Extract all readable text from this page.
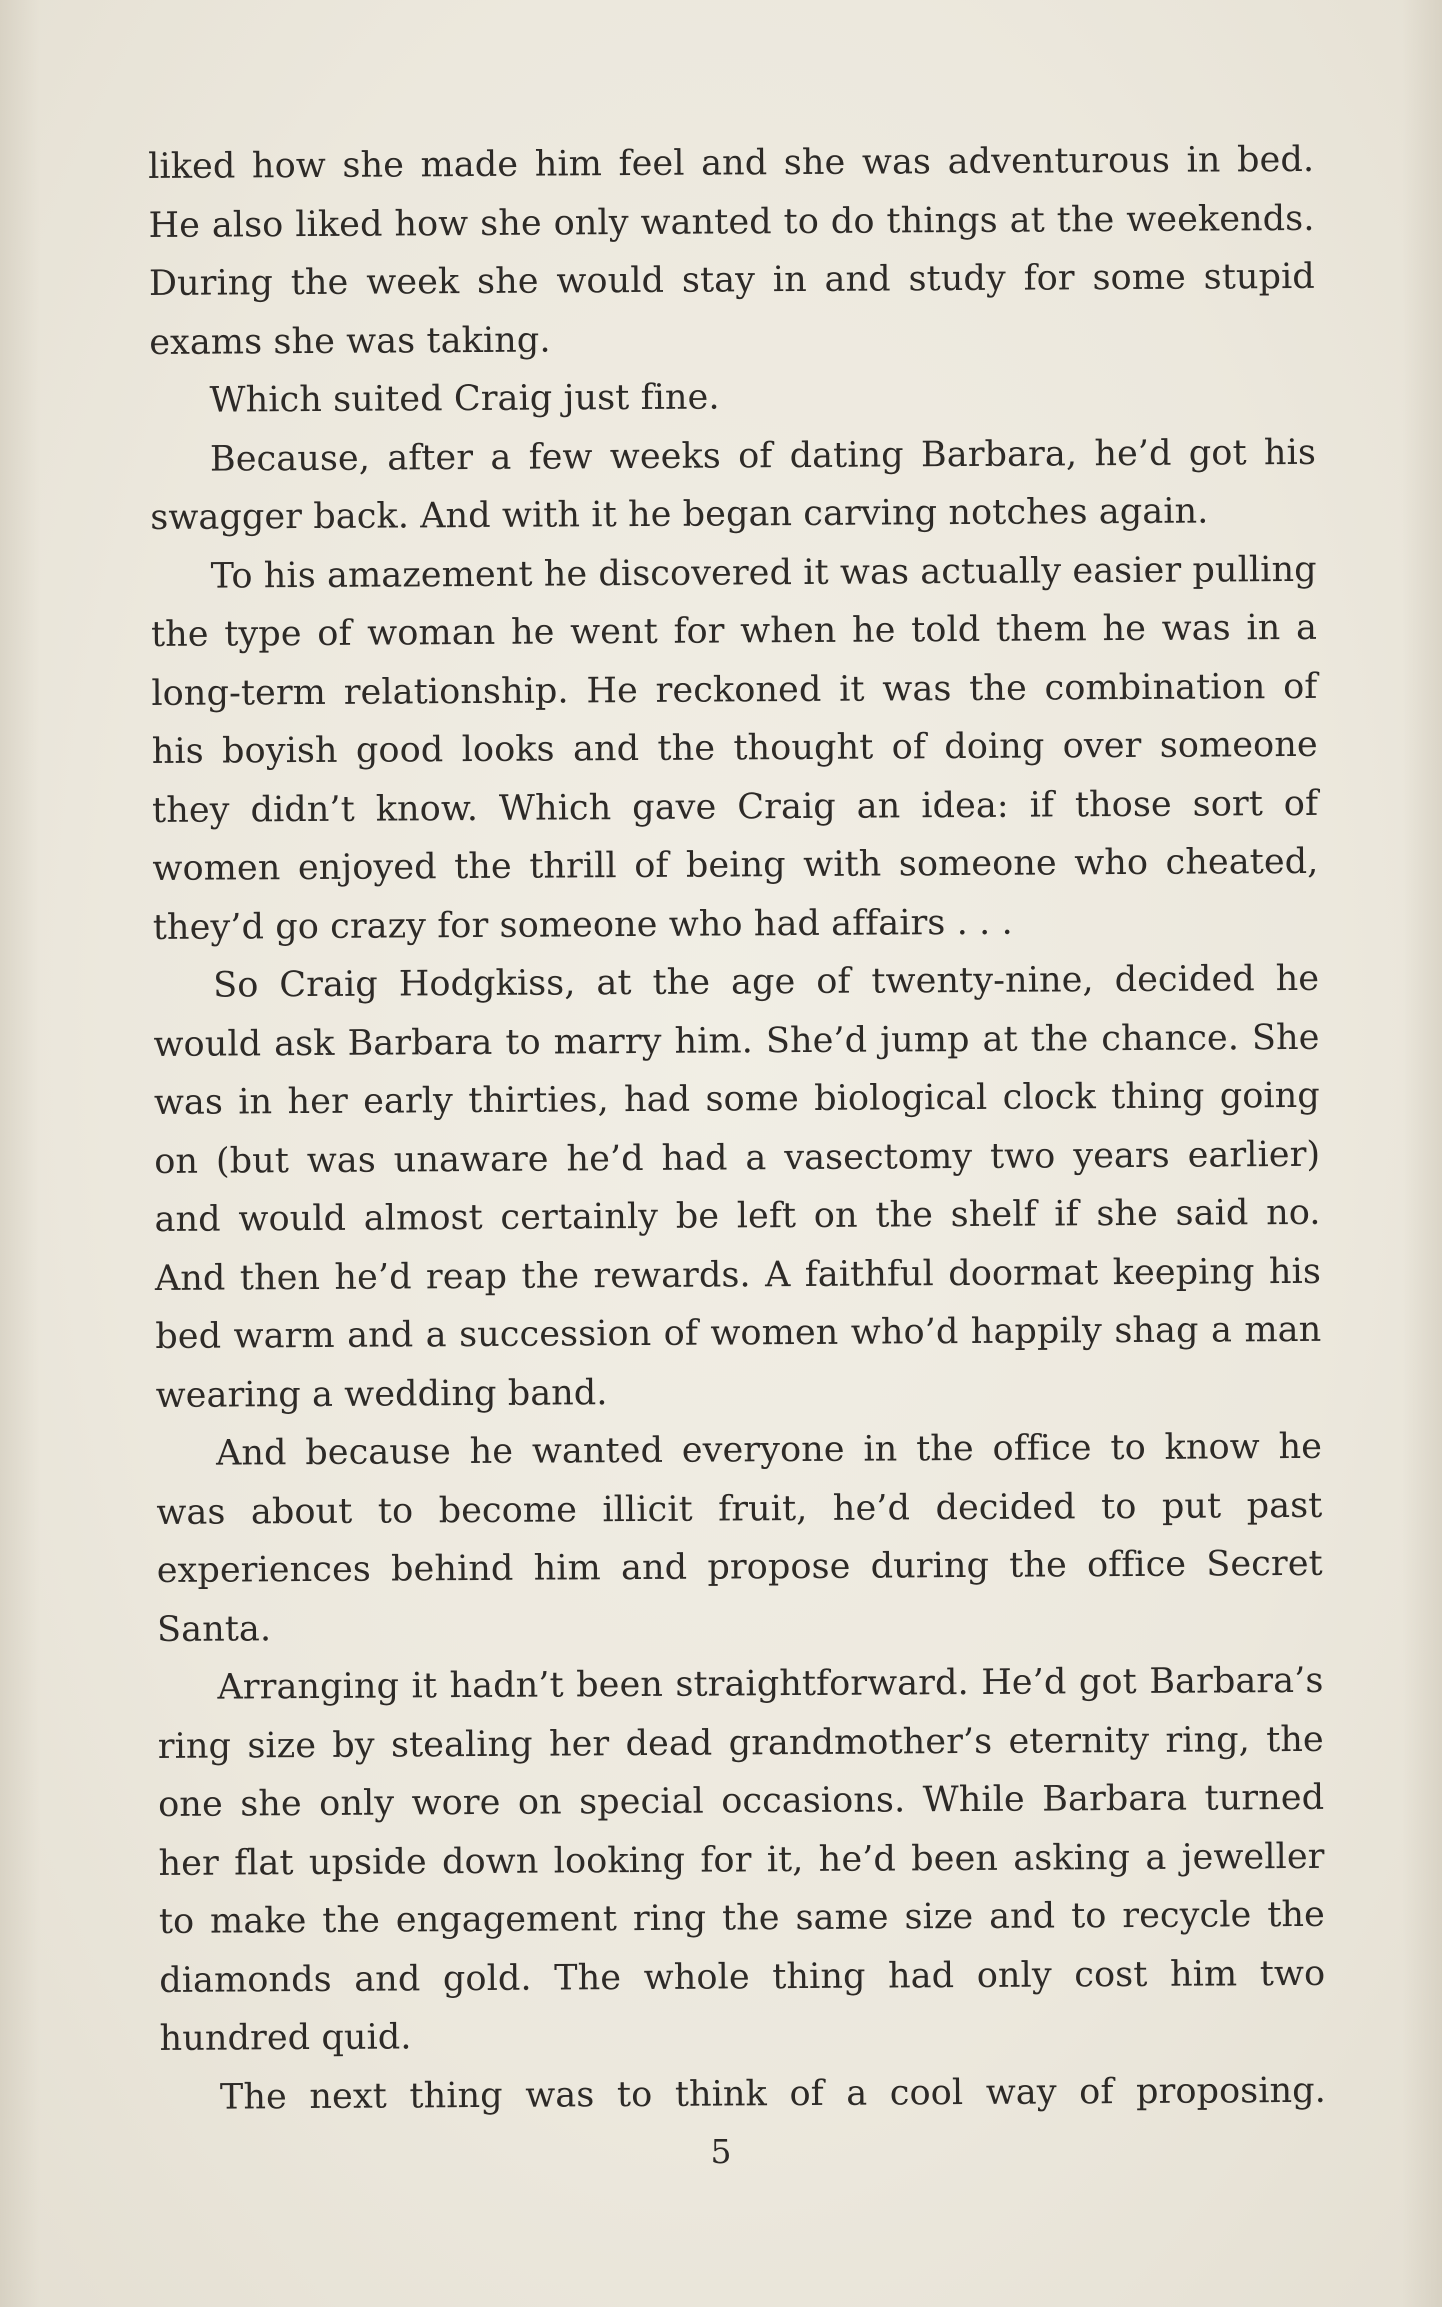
liked how she made him feel and she was adventurous in bed. He also liked how she only wanted to do things at the weekends. During the week she would stay in and study for some stupid exams she was taking.

Which suited Craig just fine.

Because, after a few weeks of dating Barbara, he’d got his swagger back. And with it he began carving notches again.

To his amazement he discovered it was actually easier pulling the type of woman he went for when he told them he was in a long-term relationship. He reckoned it was the combination of his boyish good looks and the thought of doing over someone they didn’t know. Which gave Craig an idea: if those sort of women enjoyed the thrill of being with someone who cheated, they’d go crazy for someone who had affairs . . .

So Craig Hodgkiss, at the age of twenty-nine, decided he would ask Barbara to marry him. She’d jump at the chance. She was in her early thirties, had some biological clock thing going on (but was unaware he’d had a vasectomy two years earlier) and would almost certainly be left on the shelf if she said no. And then he’d reap the rewards. A faithful doormat keeping his bed warm and a succession of women who’d happily shag a man wearing a wedding band.

And because he wanted everyone in the office to know he was about to become illicit fruit, he’d decided to put past experiences behind him and propose during the office Secret Santa.

Arranging it hadn’t been straightforward. He’d got Barbara’s ring size by stealing her dead grandmother’s eternity ring, the one she only wore on special occasions. While Barbara turned her flat upside down looking for it, he’d been asking a jeweller to make the engagement ring the same size and to recycle the diamonds and gold. The whole thing had only cost him two hundred quid.

The next thing was to think of a cool way of proposing.

5
